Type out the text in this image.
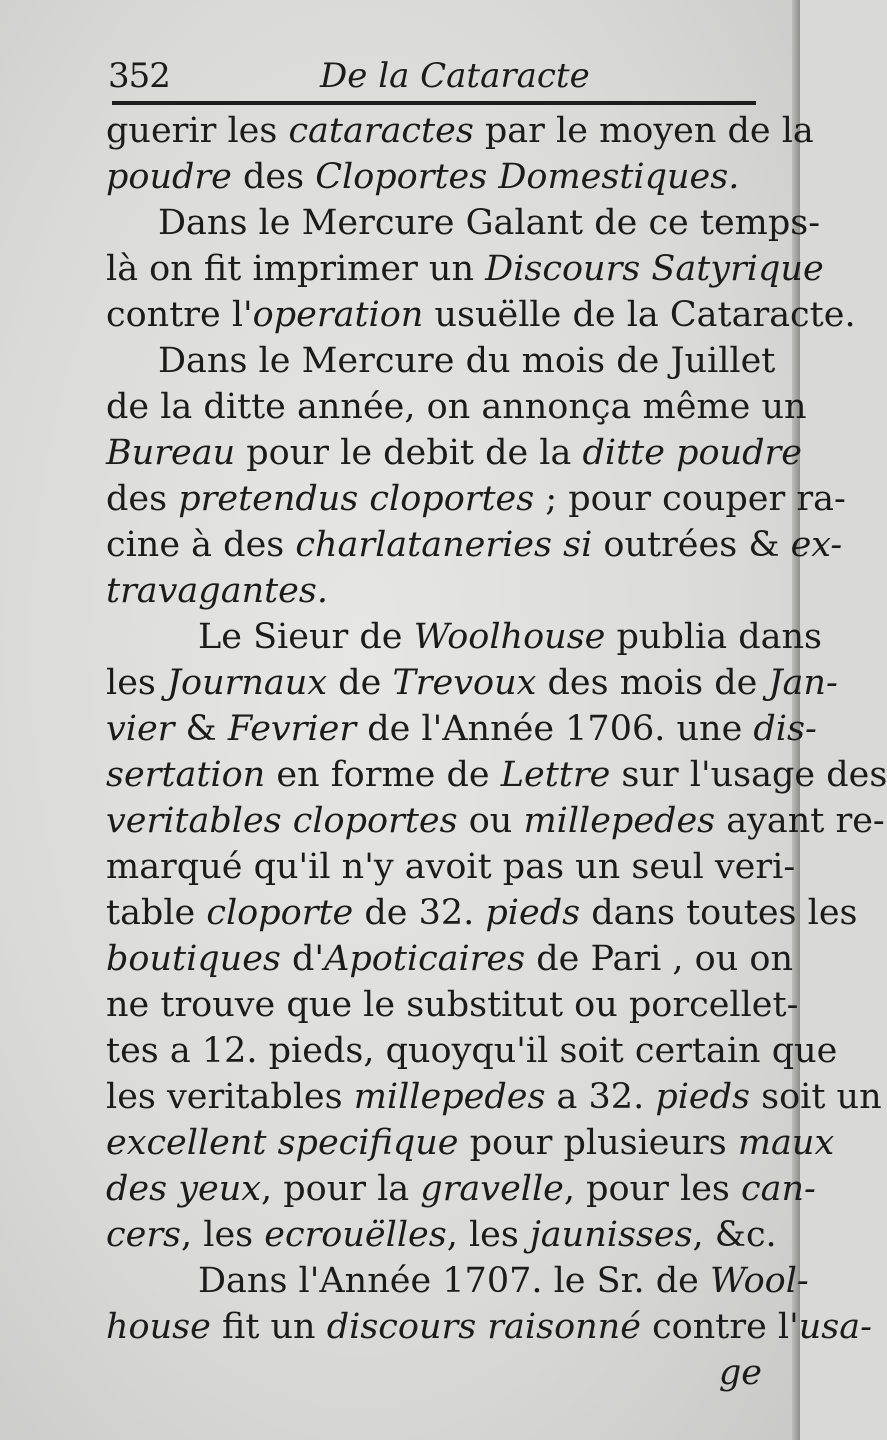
352	De la Cataracte
guerir les cataractes par le moyen de la
poudre des Cloportes Domestiques.
Dans le Mercure Galant de ce temps-
là on fit imprimer un Discours Satyrique
contre l'operation usuëlle de la Cataracte.
Dans le Mercure du mois de Juillet
de la ditte année, on annonça même un
Bureau pour le debit de la ditte poudre
des pretendus cloportes ; pour couper ra-
cine à des charlataneries si outrées & ex-
travagantes.
Le Sieur de Woolhouse publia dans
les Journaux de Trevoux des mois de Jan-
vier & Fevrier de l'Année 1706. une dis-
sertation en forme de Lettre sur l'usage des
veritables cloportes ou millepedes ayant re-
marqué qu'il n'y avoit pas un seul veri-
table cloporte de 32. pieds dans toutes les
boutiques d'Apoticaires de Pari , ou on
ne trouve que le substitut ou porcellet-
tes a 12. pieds, quoyqu'il soit certain que
les veritables millepedes a 32. pieds soit un
excellent specifique pour plusieurs maux
des yeux, pour la gravelle, pour les can-
cers, les ecrouëlles, les jaunisses, &c.
Dans l'Année 1707. le Sr. de Wool-
house fit un discours raisonné contre l'usa-
ge
